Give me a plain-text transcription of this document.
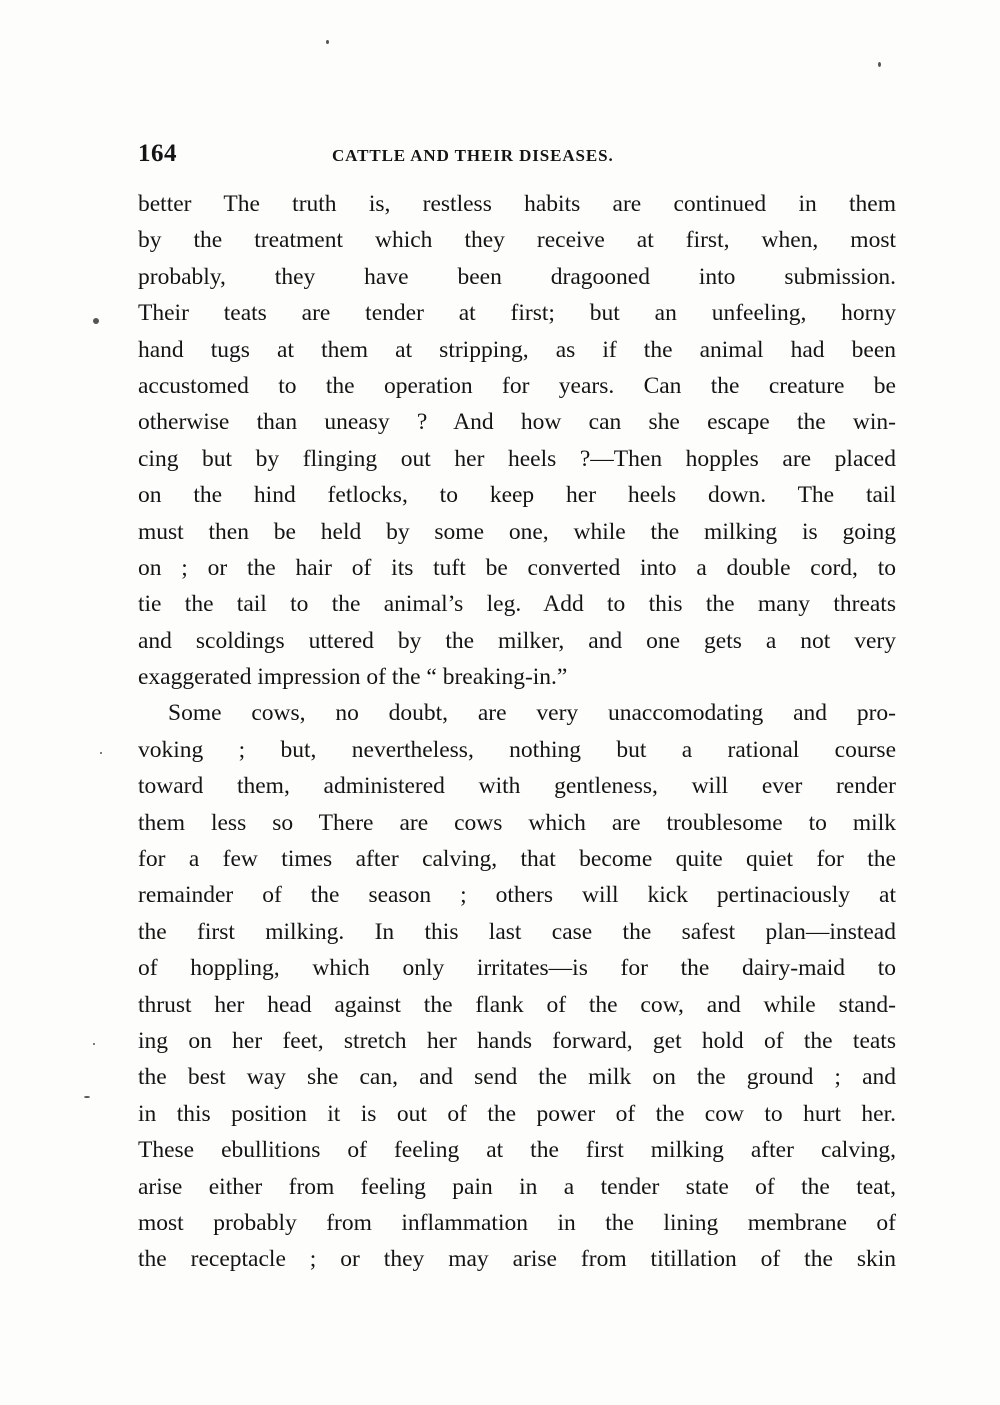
164	CATTLE AND THEIR DISEASES.
better The truth is, restless habits are continued in them
by the treatment which they receive at first, when, most
probably, they have been dragooned into submission.
Their teats are tender at first; but an unfeeling, horny
hand tugs at them at stripping, as if the animal had been
accustomed to the operation for years. Can the creature be
otherwise than uneasy ? And how can she escape the win-
cing but by flinging out her heels ?—Then hopples are placed
on the hind fetlocks, to keep her heels down. The tail
must then be held by some one, while the milking is going
on ; or the hair of its tuft be converted into a double cord, to
tie the tail to the animal’s leg. Add to this the many threats
and scoldings uttered by the milker, and one gets a not very
exaggerated impression of the “ breaking-in.”
Some cows, no doubt, are very unaccomodating and pro-
voking ; but, nevertheless, nothing but a rational course
toward them, administered with gentleness, will ever render
them less so There are cows which are troublesome to milk
for a few times after calving, that become quite quiet for the
remainder of the season ; others will kick pertinaciously at
the first milking. In this last case the safest plan—instead
of hoppling, which only irritates—is for the dairy-maid to
thrust her head against the flank of the cow, and while stand-
ing on her feet, stretch her hands forward, get hold of the teats
the best way she can, and send the milk on the ground ; and
in this position it is out of the power of the cow to hurt her.
These ebullitions of feeling at the first milking after calving,
arise either from feeling pain in a tender state of the teat,
most probably from inflammation in the lining membrane of
the receptacle ; or they may arise from titillation of the skin
